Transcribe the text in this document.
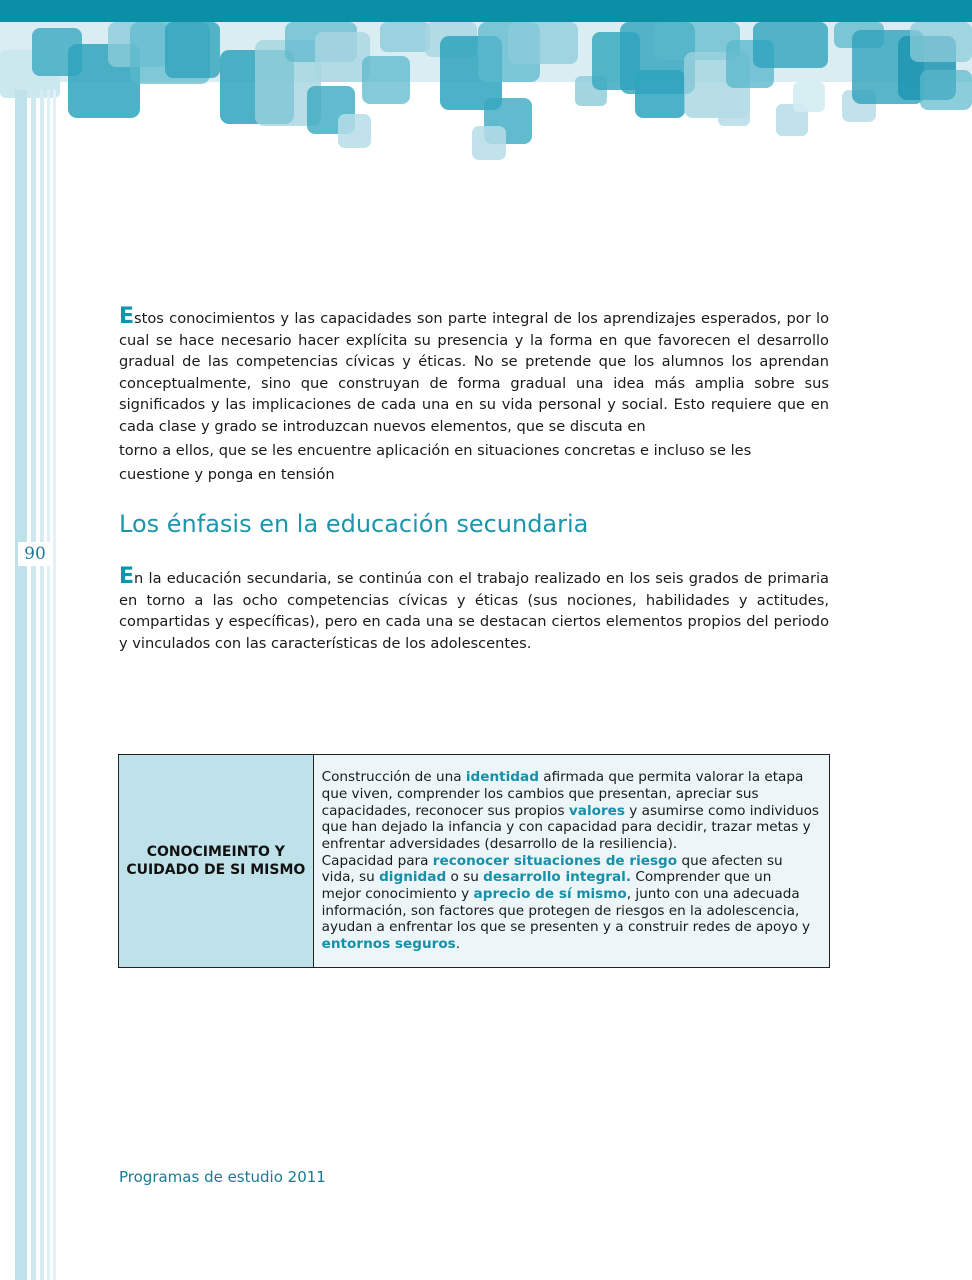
90

Estos conocimientos y las capacidades son parte integral de los aprendizajes esperados, por lo cual se hace necesario hacer explícita su presencia y la forma en que favorecen el desarrollo gradual de las competencias cívicas y éticas. No se pretende que los alumnos los aprendan conceptualmente, sino que construyan de forma gradual una idea más amplia sobre sus significados y las implicaciones de cada una en su vida personal y social. Esto requiere que en cada clase y grado se introduzcan nuevos elementos, que se discuta en
torno a ellos, que se les encuentre aplicación en situaciones concretas e incluso se les
cuestione y ponga en tensión

Los énfasis en la educación secundaria

En la educación secundaria, se continúa con el trabajo realizado en los seis grados de primaria en torno a las ocho competencias cívicas y éticas (sus nociones, habilidades y actitudes, compartidas y específicas), pero en cada una se destacan ciertos elementos propios del periodo y vinculados con las características de los adolescentes.

CONOCIMEINTO Y
CUIDADO DE SI MISMO

Construcción de una identidad afirmada que permita valorar la etapa
que viven, comprender los cambios que presentan, apreciar sus
capacidades, reconocer sus propios valores y asumirse como individuos
que han dejado la infancia y con capacidad para decidir, trazar metas y
enfrentar adversidades (desarrollo de la resiliencia).
Capacidad para reconocer situaciones de riesgo que afecten su
vida, su dignidad o su desarrollo integral. Comprender que un
mejor conocimiento y aprecio de sí mismo, junto con una adecuada
información, son factores que protegen de riesgos en la adolescencia,
ayudan a enfrentar los que se presenten y a construir redes de apoyo y
entornos seguros.
Programas de estudio 2011
